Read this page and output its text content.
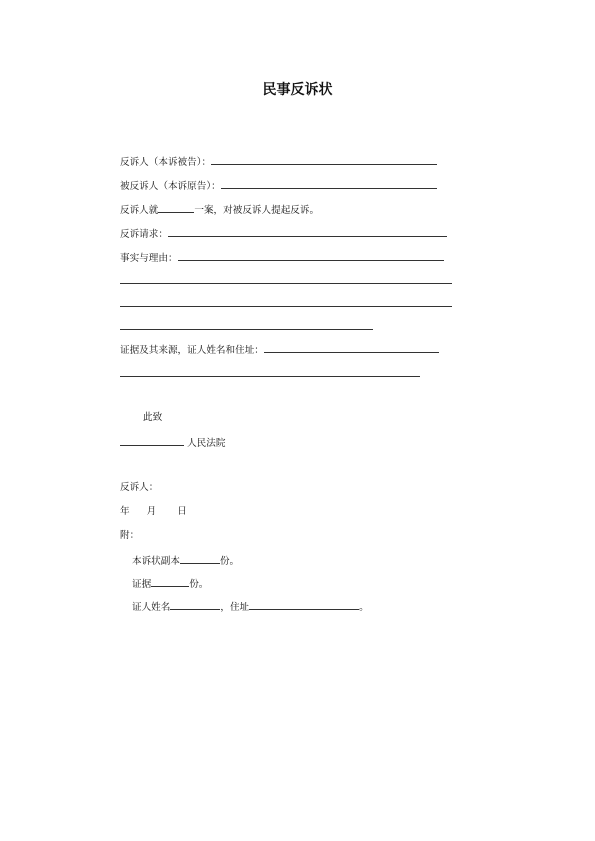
民事反诉状
反诉人（本诉被告）：
被反诉人（本诉原告）：
反诉人就	一案，对被反诉人提起反诉。
反诉请求：
事实与理由：
证据及其来源，证人姓名和住址：
此致
人民法院
反诉人：
年 月 日
附：
本诉状副本	份。
证据	份。
证人姓名	，住址	。
